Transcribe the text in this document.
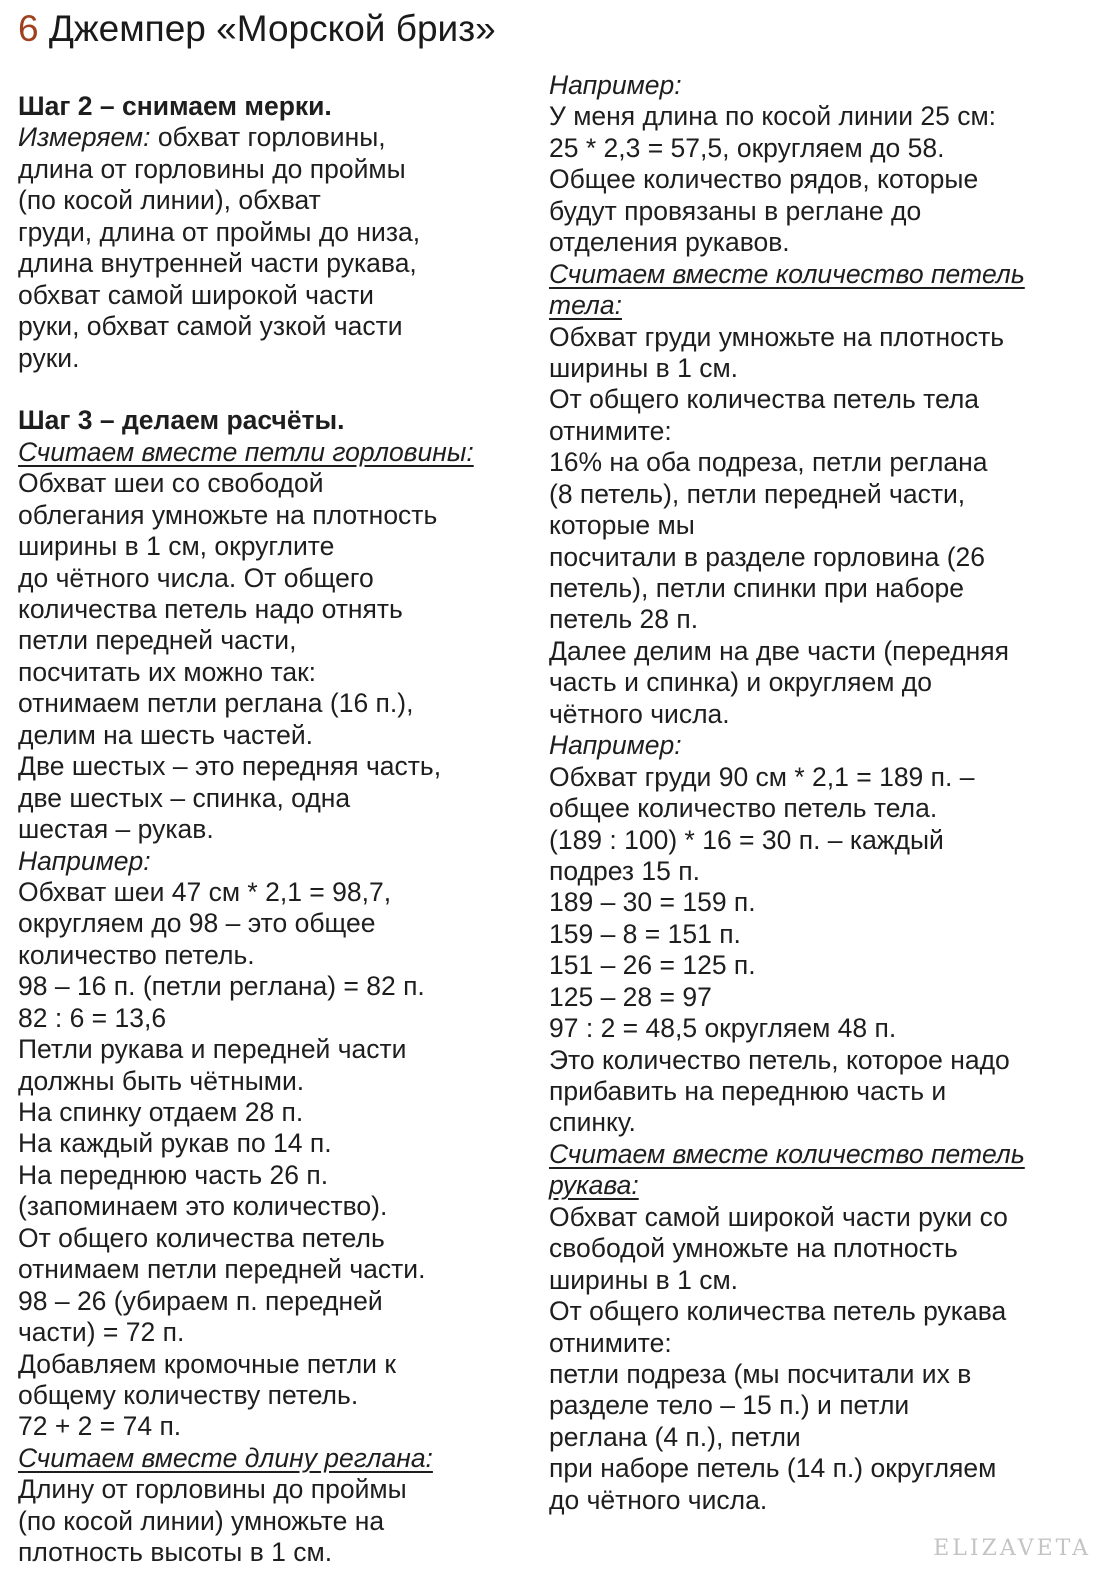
6 Джемпер «Морской бриз»
Шаг 2 – снимаем мерки.
Измеряем: обхват горловины,
длина от горловины до проймы
(по косой линии), обхват
груди, длина от проймы до низа,
длина внутренней части рукава,
обхват самой широкой части
руки, обхват самой узкой части
руки.
Шаг 3 – делаем расчёты.
Считаем вместе петли горловины:
Обхват шеи со свободой
облегания умножьте на плотность
ширины в 1 см, округлите
до чётного числа. От общего
количества петель надо отнять
петли передней части,
посчитать их можно так:
отнимаем петли реглана (16 п.),
делим на шесть частей.
Две шестых – это передняя часть,
две шестых – спинка, одна
шестая – рукав.
Например:
Обхват шеи 47 см * 2,1 = 98,7,
округляем до 98 – это общее
количество петель.
98 – 16 п. (петли реглана) = 82 п.
82 : 6 = 13,6
Петли рукава и передней части
должны быть чётными.
На спинку отдаем 28 п.
На каждый рукав по 14 п.
На переднюю часть 26 п.
(запоминаем это количество).
От общего количества петель
отнимаем петли передней части.
98 – 26 (убираем п. передней
части) = 72 п.
Добавляем кромочные петли к
общему количеству петель.
72 + 2 = 74 п.
Считаем вместе длину реглана:
Длину от горловины до проймы
(по косой линии) умножьте на
плотность высоты в 1 см.
Например:
У меня длина по косой линии 25 см:
25 * 2,3 = 57,5, округляем до 58.
Общее количество рядов, которые
будут провязаны в реглане до
отделения рукавов.
Считаем вместе количество петель
тела:
Обхват груди умножьте на плотность
ширины в 1 см.
От общего количества петель тела
отнимите:
16% на оба подреза, петли реглана
(8 петель), петли передней части,
которые мы
посчитали в разделе горловина (26
петель), петли спинки при наборе
петель 28 п.
Далее делим на две части (передняя
часть и спинка) и округляем до
чётного числа.
Например:
Обхват груди 90 см * 2,1 = 189 п. –
общее количество петель тела.
(189 : 100) * 16 = 30 п. – каждый
подрез 15 п.
189 – 30 = 159 п.
159 – 8 = 151 п.
151 – 26 = 125 п.
125 – 28 = 97
97 : 2 = 48,5 округляем 48 п.
Это количество петель, которое надо
прибавить на переднюю часть и
спинку.
Считаем вместе количество петель
рукава:
Обхват самой широкой части руки со
свободой умножьте на плотность
ширины в 1 см.
От общего количества петель рукава
отнимите:
петли подреза (мы посчитали их в
разделе тело – 15 п.) и петли
реглана (4 п.), петли
при наборе петель (14 п.) округляем
до чётного числа.
ELIZAVETA
